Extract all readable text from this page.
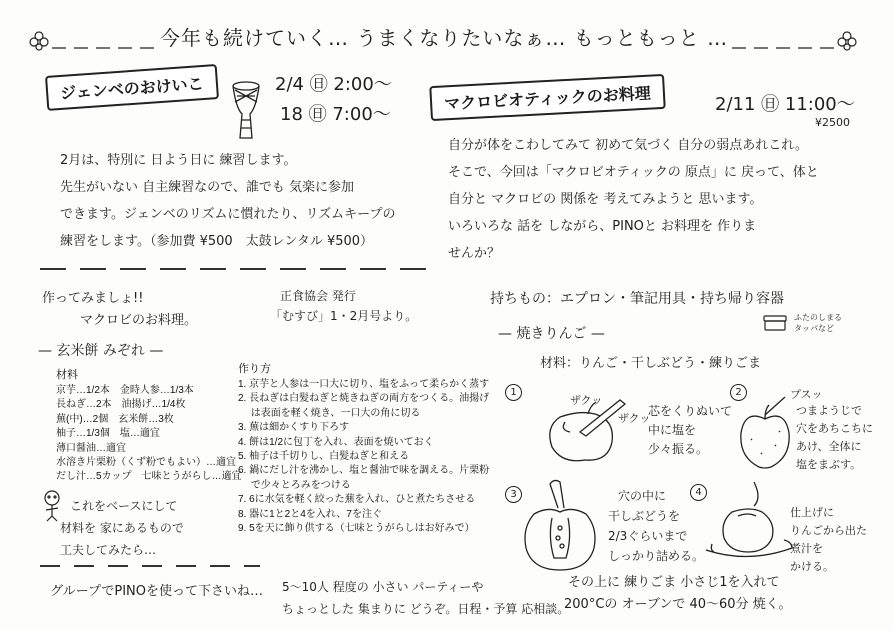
今年も続けていく… うまくなりたいなぁ… もっともっと …
ジェンベのおけいこ	2/4 ㊐ 2:00〜
18 ㊐ 7:00〜
2月は、特別に 日よう日に 練習します。
先生がいない 自主練習なので、誰でも 気楽に参加
できます。ジェンベのリズムに慣れたり、リズムキープの
練習をします。（参加費 ¥500　太鼓レンタル ¥500）
マクロビオティックのお料理	2/11 ㊐ 11:00〜
¥2500
自分が体をこわしてみて 初めて気づく 自分の弱点あれこれ。
そこで、今回は「マクロビオティックの 原点」に 戻って、体と
自分と マクロビの 関係を 考えてみようと 思います。
いろいろな 話を しながら、PINOと お料理を 作りま
せんか？
作ってみましょ!!
マクロビのお料理。
正食協会 発行
「むすび」1・2月号より。
— 玄米餅 みぞれ —
材料
京芋…1/2本　金時人参…1/3本
長ねぎ…2本　油揚げ…1/4枚
蕪(中)…2個　玄米餅…3枚
柚子…1/3個　塩…適宜
薄口醤油…適宜
水溶き片栗粉（くず粉でもよい）…適宜
だし汁…5カップ　七味とうがらし…適宜
作り方
1. 京芋と人参は一口大に切り、塩をふって柔らかく蒸す
2. 長ねぎは白髪ねぎと焼きねぎの両方をつくる。油揚げ
　 は表面を軽く焼き、一口大の角に切る
3. 蕪は細かくすり下ろす
4. 餅は1/2に包丁を入れ、表面を焼いておく
5. 柚子は千切りし、白髪ねぎと和える
6. 鍋にだし汁を沸かし、塩と醤油で味を調える。片栗粉
　 で少々とろみをつける
7. 6に水気を軽く絞った蕪を入れ、ひと煮たちさせる
8. 器に1と2と4を入れ、7を注ぐ
9. 5を天に飾り供する（七味とうがらしはお好みで）
これをベースにして
材料を 家にあるもので
工夫してみたら…
持ちもの：エプロン・筆記用具・持ち帰り容器
ふたのしまる
タッパなど
— 焼きりんご —
材料：りんご・干しぶどう・練りごま
1
ザクッ
ザクッ
芯をくりぬいて
中に塩を
少々振る。
2	プスッ
つまようじで
穴をあちこちに
あけ、全体に
塩をまぶす。
3	穴の中に
干しぶどうを
2/3ぐらいまで
しっかり詰める。
4
仕上げに
りんごから出た
煮汁を
かける。
その上に 練りごま 小さじ1を入れて
200°Cの オーブンで 40〜60分 焼く。
グループでPINOを使って下さいね… 5〜10人 程度の 小さい パーティーや
ちょっとした 集まりに どうぞ。日程・予算 応相談。
